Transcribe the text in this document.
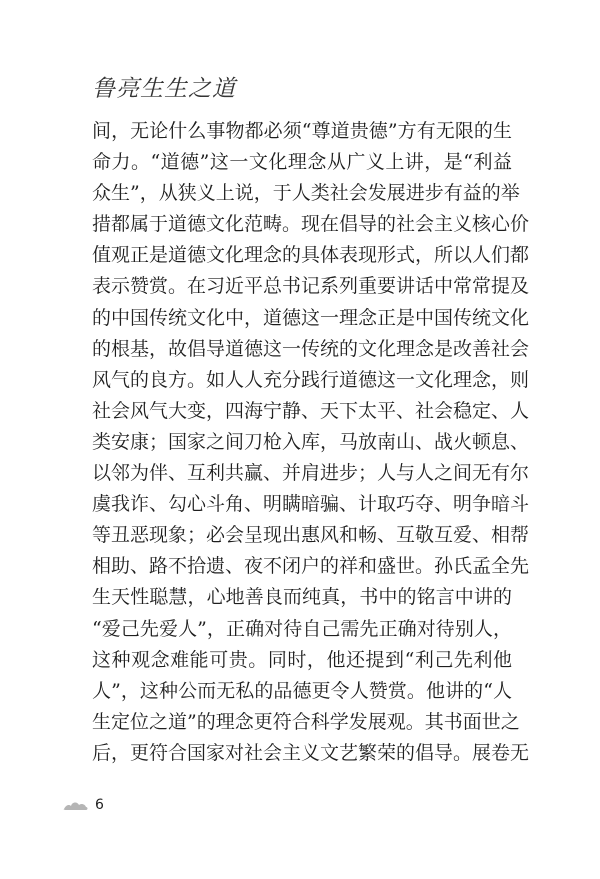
鲁亮生生之道
间，无论什么事物都必须“尊道贵德”方有无限的生
命力。“道德”这一文化理念从广义上讲，是“利益
众生”，从狭义上说，于人类社会发展进步有益的举
措都属于道德文化范畴。现在倡导的社会主义核心价
值观正是道德文化理念的具体表现形式，所以人们都
表示赞赏。在习近平总书记系列重要讲话中常常提及
的中国传统文化中，道德这一理念正是中国传统文化
的根基，故倡导道德这一传统的文化理念是改善社会
风气的良方。如人人充分践行道德这一文化理念，则
社会风气大变，四海宁静、天下太平、社会稳定、人
类安康；国家之间刀枪入库，马放南山、战火顿息、
以邻为伴、互利共赢、并肩进步；人与人之间无有尔
虞我诈、勾心斗角、明瞒暗骗、计取巧夺、明争暗斗
等丑恶现象；必会呈现出惠风和畅、互敬互爱、相帮
相助、路不拾遗、夜不闭户的祥和盛世。孙氏孟全先
生天性聪慧，心地善良而纯真，书中的铭言中讲的
“爱己先爱人”，正确对待自己需先正确对待别人，
这种观念难能可贵。同时，他还提到“利己先利他
人”，这种公而无私的品德更令人赞赏。他讲的“人
生定位之道”的理念更符合科学发展观。其书面世之
后，更符合国家对社会主义文艺繁荣的倡导。展卷无
6
